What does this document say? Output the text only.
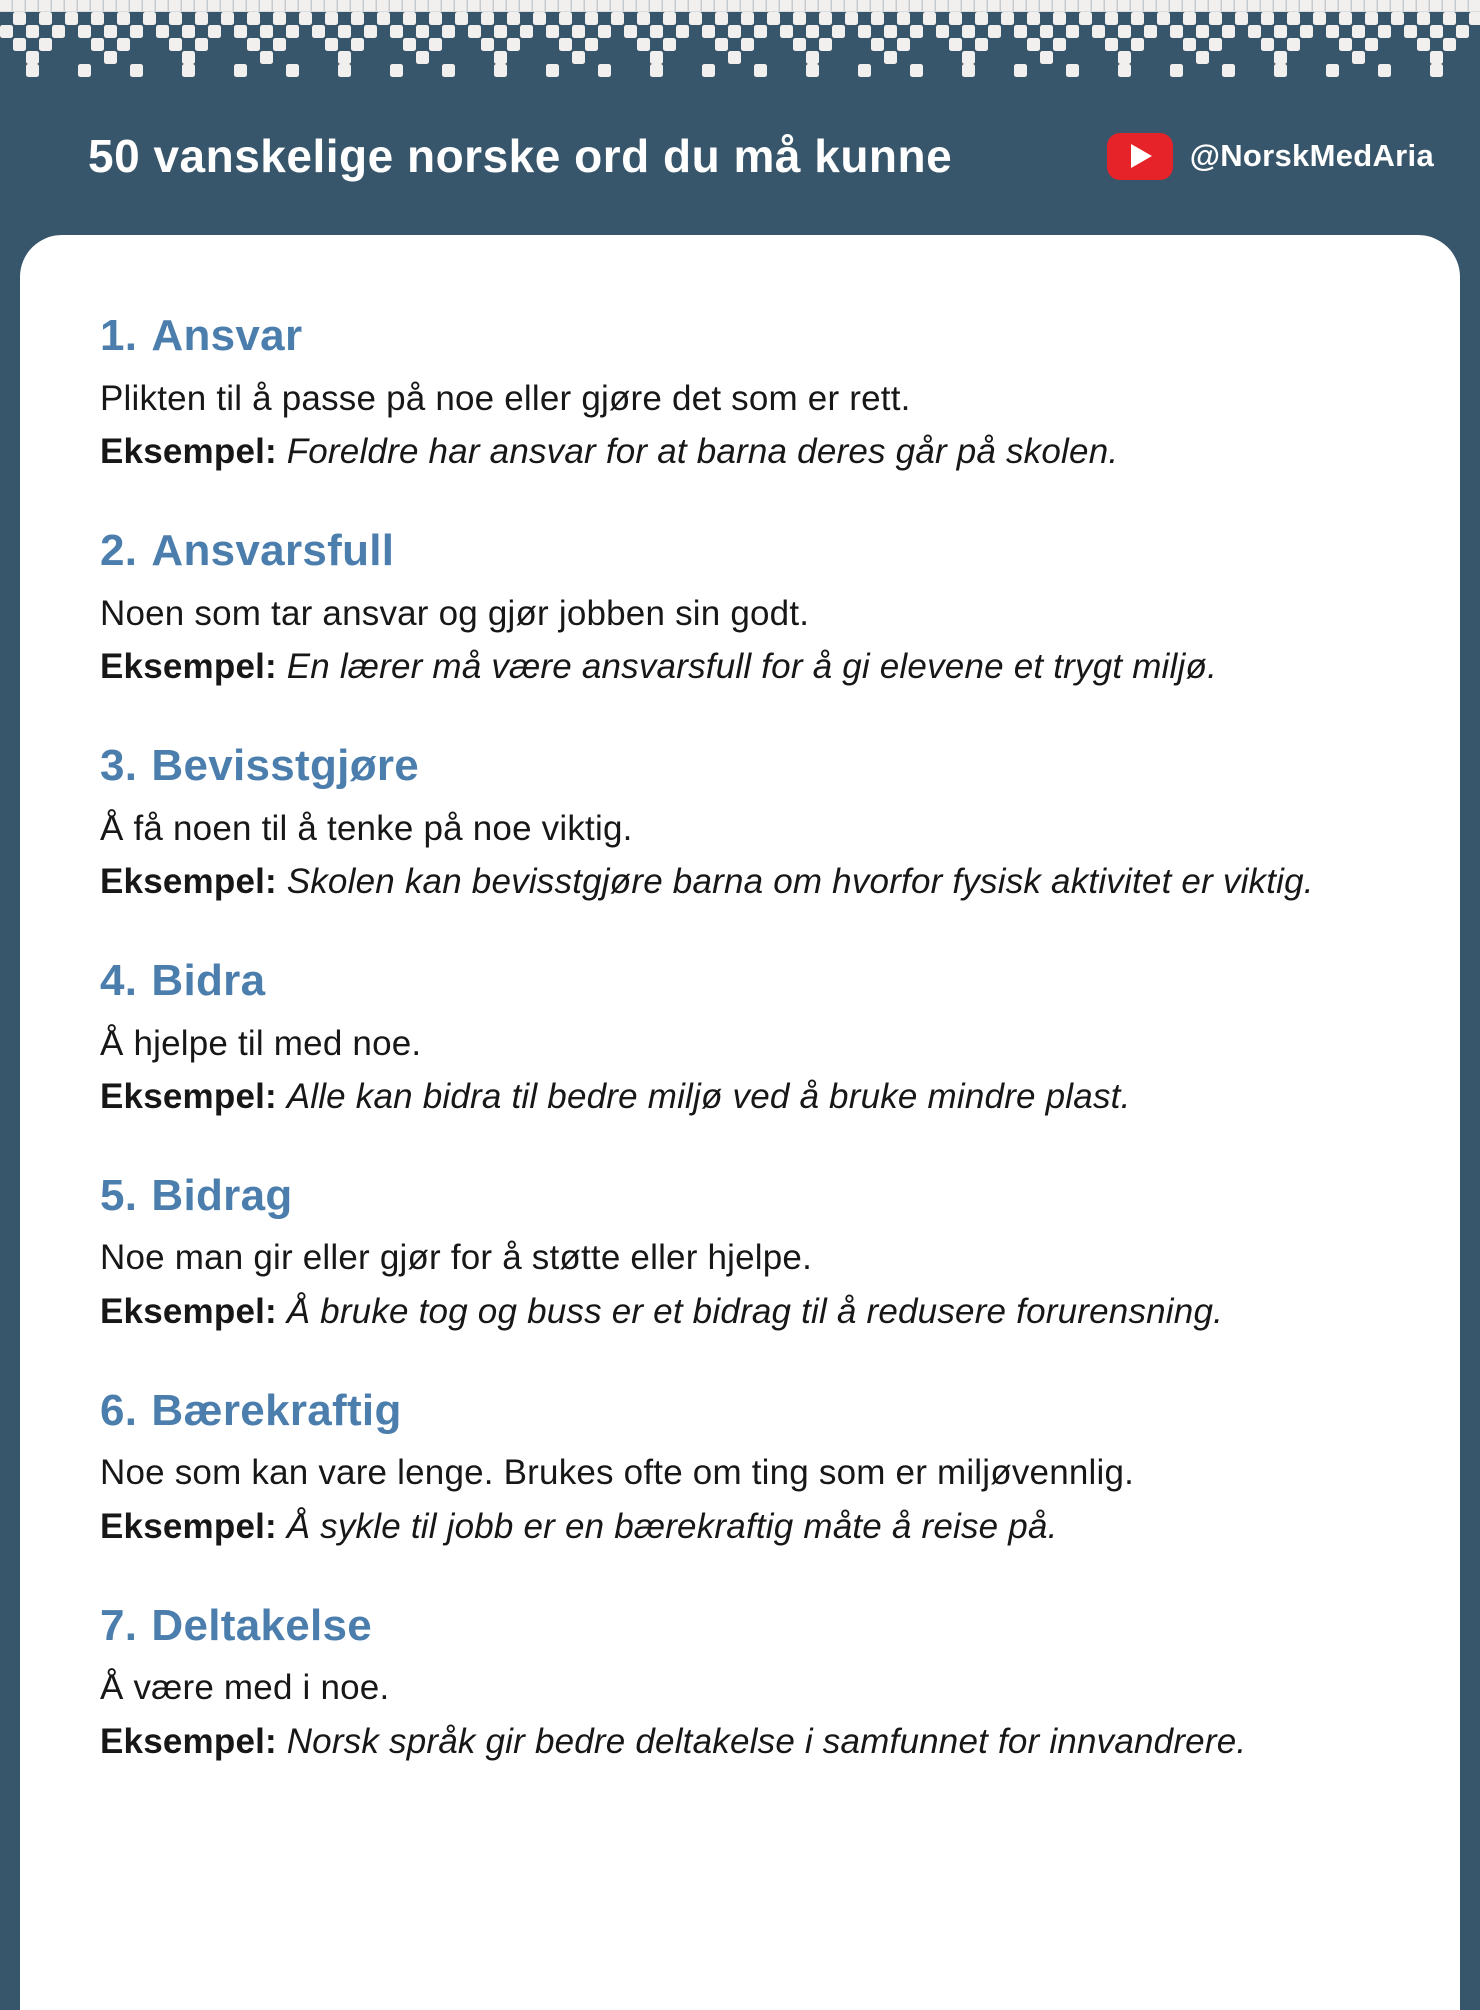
50 vanskelige norske ord du må kunne	@NorskMedAria
1. Ansvar

Plikten til å passe på noe eller gjøre det som er rett.

Eksempel: Foreldre har ansvar for at barna deres går på skolen.

2. Ansvarsfull

Noen som tar ansvar og gjør jobben sin godt.

Eksempel: En lærer må være ansvarsfull for å gi elevene et trygt miljø.

3. Bevisstgjøre

Å få noen til å tenke på noe viktig.

Eksempel: Skolen kan bevisstgjøre barna om hvorfor fysisk aktivitet er viktig.

4. Bidra

Å hjelpe til med noe.

Eksempel: Alle kan bidra til bedre miljø ved å bruke mindre plast.

5. Bidrag

Noe man gir eller gjør for å støtte eller hjelpe.

Eksempel: Å bruke tog og buss er et bidrag til å redusere forurensning.

6. Bærekraftig

Noe som kan vare lenge. Brukes ofte om ting som er miljøvennlig.

Eksempel: Å sykle til jobb er en bærekraftig måte å reise på.

7. Deltakelse

Å være med i noe.

Eksempel: Norsk språk gir bedre deltakelse i samfunnet for innvandrere.
